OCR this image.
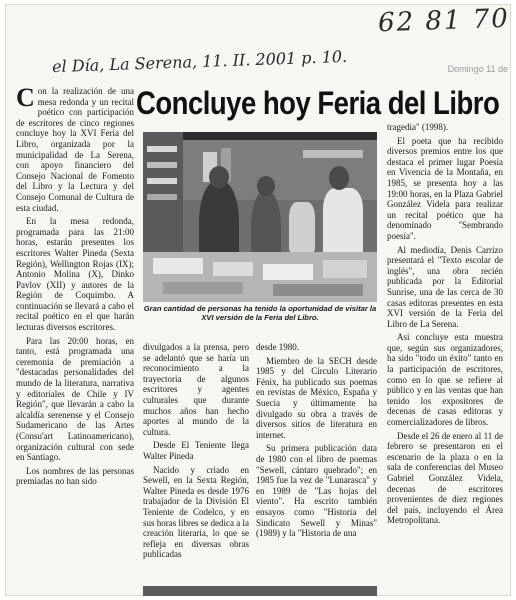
62 81 70
el Día, La Serena, 11. II. 2001 p. 10.	Domingo 11 de
Concluye hoy Feria del Libro

Con la realización de una mesa redonda y un recital poético con participación de escritores de cinco regiones concluye hoy la XVI Feria del Libro, organizada por la municipalidad de La Serena, con apoyo financiero del Consejo Nacional de Fomento del Libro y la Lectura y del Consejo Comunal de Cultura de esta ciudad.

En la mesa redonda, programada para las 21:00 horas, estarán presentes los escritores Walter Pineda (Sexta Región), Wellington Rojas (IX); Antonio Molina (X), Dinko Pavlov (XII) y autores de la Región de Coquimbo. A continuación se llevará a cabo el recital poético en el que harán lecturas diversos escritores.

Para las 20:00 horas, en tanto, está programada una ceremonia de premiación a "destacadas personalidades del mundo de la literatura, narrativa y editoriales de Chile y IV Región", que llevarán a cabo la alcaldía serenense y el Consejo Sudamericano de las Artes (Consu'art Latinoamericano), organización cultural con sede en Santiago.

Los nombres de las personas premiadas no han sido

Gran cantidad de personas ha tenido la oportunidad de visitar la XVI versión de la Feria del Libro.

divulgados a la prensa, pero se adelantó que se haría un reconocimiento a la trayectoria de algunos escritores y agentes culturales que durante muchos años han hecho aportes al mundo de la cultura.

Desde El Teniente llega Walter Pineda

Nacido y criado en Sewell, en la Sexta Región, Walter Pineda es desde 1976 trabajador de la División El Teniente de Codelco, y en sus horas libres se dedica a la creación literaria, lo que se refleja en diversas obras publicadas

desde 1980.

Miembro de la SECH desde 1985 y del Círculo Literario Fénix, ha publicado sus poemas en revistas de México, España y Suecia y últimamente ha divulgado su obra a través de diversos sitios de literatura en internet.

Su primera publicación data de 1980 con el libro de poemas "Sewell, cántaro quebrado"; en 1985 fue la vez de "Lunarasca" y en 1989 de "Las hojas del viento". Ha escrito también ensayos como "Historia del Sindicato Sewell y Minas" (1989) y la "Historia de una

tragedia" (1998).

El poeta que ha recibido diversos premios entre los que destaca el primer lugar Poesía en Vivencia de la Montaña, en 1985, se presenta hoy a las 19:00 horas, en la Plaza Gabriel González Videla para realizar un recital poético que ha denominado "Sembrando poesía".

Al mediodía, Denis Carrizo presentará el "Texto escolar de inglés", una obra recién publicada por la Editorial Sunrise, una de las cerca de 30 casas editoras presentes en esta XVI versión de la Feria del Libro de La Serena.

Así concluye esta muestra que, según sus organizadores, ha sido "todo un éxito" tanto en la participación de escritores, como en lo que se refiere al público y en las ventas que han tenido los expositores de decenas de casas editoras y comercializadores de libros.

Desde el 26 de enero al 11 de febrero se presentaron en el escenario de la plaza o en la sala de conferencias del Museo Gabriel González Videla, decenas de escritores provenientes de diez regiones del país, incluyendo el Área Metropolitana.
